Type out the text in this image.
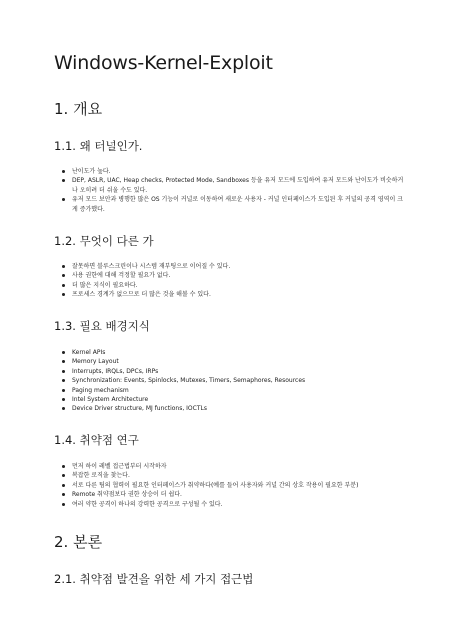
Windows-Kernel-Exploit
1. 개요
1.1. 왜 터널인가.
난이도가 높다.
DEP, ASLR, UAC, Heap checks, Protected Mode, Sandboxes 등을 유저 모드에 도입하여 유저 모드와 난이도가 비슷하거나 오히려 더 쉬울 수도 있다.
유저 모드 보안과 병행한 많은 OS 기능이 커널로 이동하여 새로운 사용자 - 커널 인터페이스가 도입된 후 커널의 공격 영역이 크게 증가했다.
1.2. 무엇이 다른 가
잘못하면 블루스크린이나 시스템 재부팅으로 이어질 수 있다.
사용 권한에 대해 걱정할 필요가 없다.
더 많은 지식이 필요하다.
프로세스 경계가 없으므로 더 많은 것을 해볼 수 있다.
1.3. 필요 배경지식
Kernel APIs
Memory Layout
Interrupts, IRQLs, DPCs, IRPs
Synchronization: Events, Spinlocks, Mutexes, Timers, Semaphores, Resources
Paging mechanism
Intel System Architecture
Device Driver structure, MJ functions, IOCTLs
1.4. 취약점 연구
먼저 하이 레벨 접근법부터 시작하자
복잡한 로직을 찾는다.
서로 다른 팀의 협력이 필요한 인터페이스가 취약하다(예를 들어 사용자와 커널 간의 상호 작용이 필요한 부분)
Remote 취약점보다 권한 상승이 더 쉽다.
여러 약한 공격이 하나의 강력한 공격으로 구성될 수 있다.
2. 본론
2.1. 취약점 발견을 위한 세 가지 접근법
